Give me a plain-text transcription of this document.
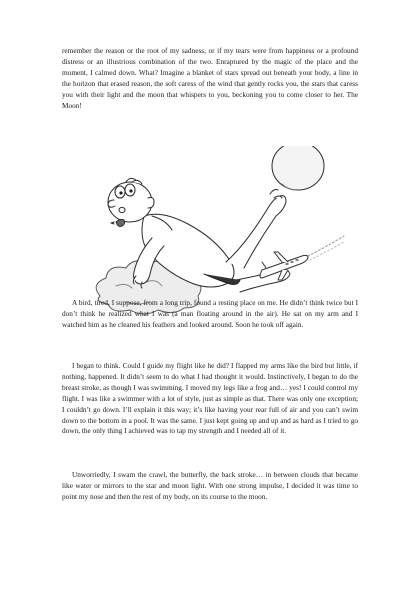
remember the reason or the root of my sadness, or if my tears were from happiness or a profound distress or an illustrious combination of the two. Enraptured by the magic of the place and the moment, I calmed down. What? Imagine a blanket of stars spread out beneath your body, a line in the horizon that erased reason, the soft caress of the wind that gently rocks you, the stars that caress you with their light and the moon that whispers to you, beckoning you to come closer to her. The Moon!

A bird, tired, I suppose, from a long trip, found a resting place on me. He didn’t think twice but I don’t think he realized what I was (a man floating around in the air). He sat on my arm and I watched him as he cleaned his feathers and looked around. Soon he took off again.

I began to think. Could I guide my flight like he did? I flapped my arms like the bird but little, if nothing, happened. It didn’t seem to do what I had thought it would. Instinctively, I began to do the breast stroke, as though I was swimming. I moved my legs like a frog and… yes! I could control my flight. I was like a swimmer with a lot of style, just as simple as that. There was only one exception; I couldn’t go down. I’ll explain it this way; it’s like having your rear full of air and you can’t swim down to the bottom in a pool. It was the same. I just kept going up and up and as hard as I tried to go down, the only thing I achieved was to tap my strength and I needed all of it.

Unworriedly, I swam the crawl, the butterfly, the back stroke… in between clouds that became like water or mirrors to the star and moon light. With one strong impulse, I decided it was time to point my nose and then the rest of my body, on its course to the moon.
